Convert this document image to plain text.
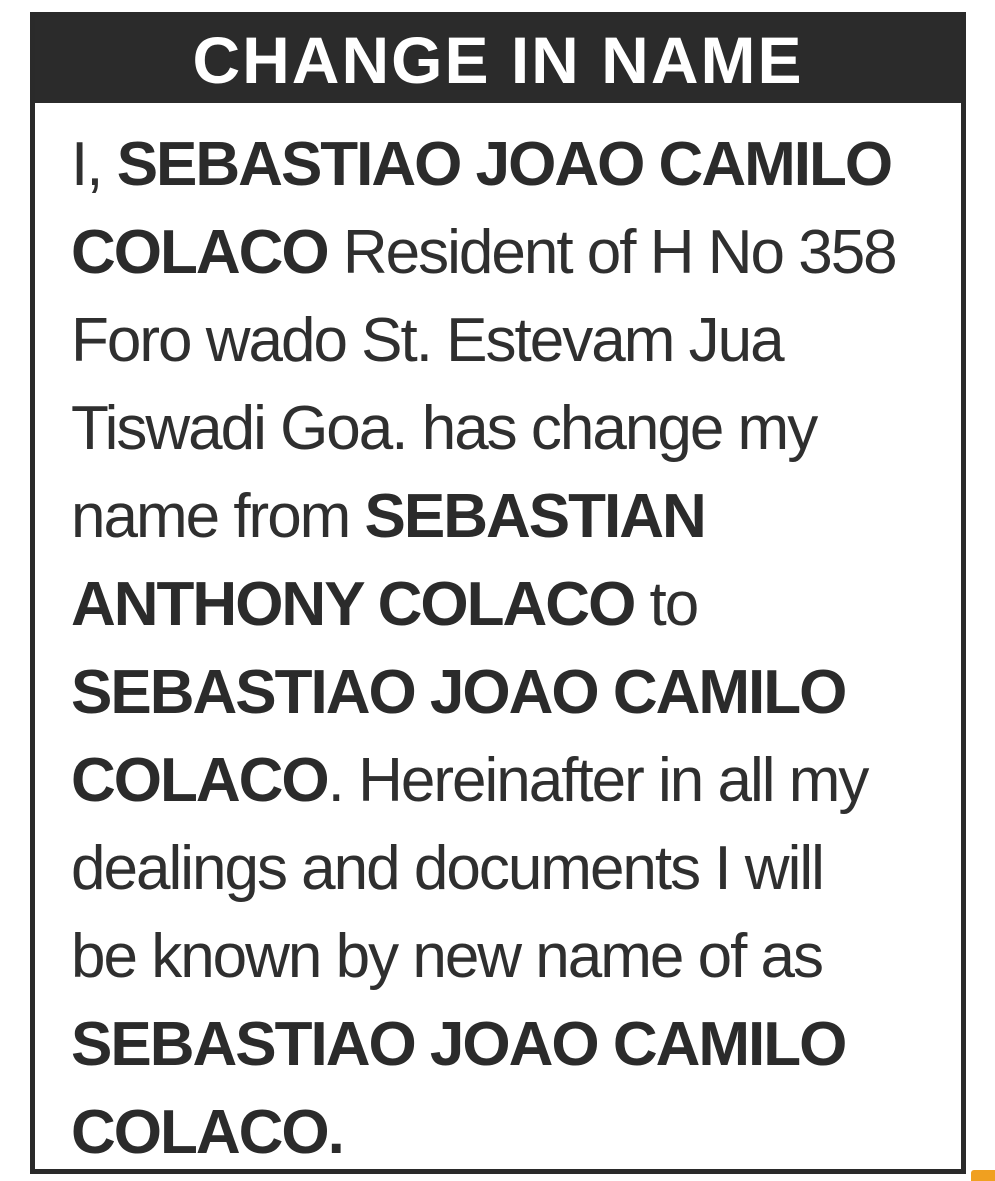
CHANGE IN NAME
I, SEBASTIAO JOAO CAMILO
COLACO Resident of H No 358
Foro wado St. Estevam Jua
Tiswadi Goa. has change my
name from SEBASTIAN
ANTHONY COLACO to
SEBASTIAO JOAO CAMILO
COLACO. Hereinafter in all my
dealings and documents I will
be known by new name of as
SEBASTIAO JOAO CAMILO
COLACO.
